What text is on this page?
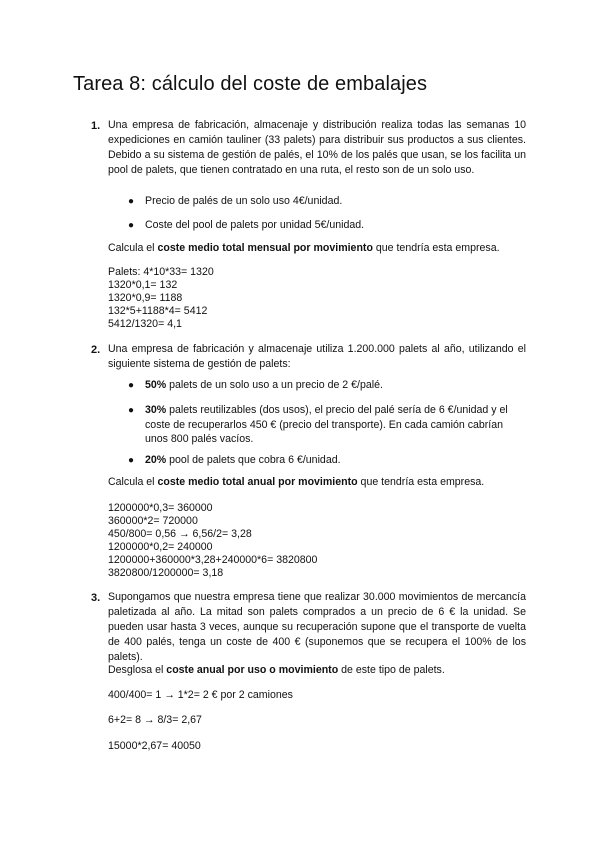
Tarea 8: cálculo del coste de embalajes
1. Una empresa de fabricación, almacenaje y distribución realiza todas las semanas 10 expediciones en camión tauliner (33 palets) para distribuir sus productos a sus clientes. Debido a su sistema de gestión de palés, el 10% de los palés que usan, se los facilita un pool de palets, que tienen contratado en una ruta, el resto son de un solo uso.

● Precio de palés de un solo uso 4€/unidad.
● Coste del pool de palets por unidad 5€/unidad.

Calcula el coste medio total mensual por movimiento que tendría esta empresa.

Palets: 4*10*33= 1320
1320*0,1= 132
1320*0,9= 1188
132*5+1188*4= 5412
5412/1320= 4,1
2. Una empresa de fabricación y almacenaje utiliza 1.200.000 palets al año, utilizando el siguiente sistema de gestión de palets:

● 50% palets de un solo uso a un precio de 2 €/palé.
● 30% palets reutilizables (dos usos), el precio del palé sería de 6 €/unidad y el coste de recuperarlos 450 € (precio del transporte). En cada camión cabrían unos 800 palés vacíos.
● 20% pool de palets que cobra 6 €/unidad.

Calcula el coste medio total anual por movimiento que tendría esta empresa.

1200000*0,3= 360000
360000*2= 720000
450/800= 0,56 → 6,56/2= 3,28
1200000*0,2= 240000
1200000+360000*3,28+240000*6= 3820800
3820800/1200000= 3,18
3. Supongamos que nuestra empresa tiene que realizar 30.000 movimientos de mercancía paletizada al año. La mitad son palets comprados a un precio de 6 € la unidad. Se pueden usar hasta 3 veces, aunque su recuperación supone que el transporte de vuelta de 400 palés, tenga un coste de 400 € (suponemos que se recupera el 100% de los palets).

Desglosa el coste anual por uso o movimiento de este tipo de palets.

400/400= 1 → 1*2= 2 € por 2 camiones
6+2= 8 → 8/3= 2,67
15000*2,67= 40050
